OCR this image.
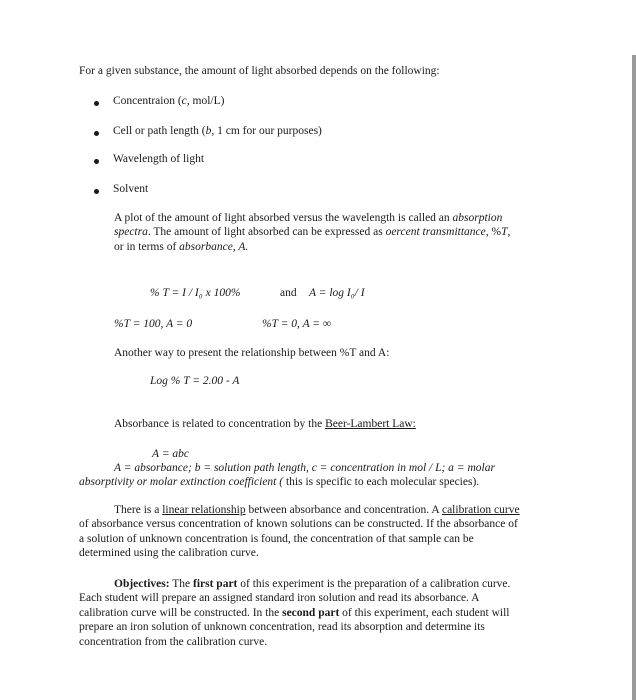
For a given substance, the amount of light absorbed depends on the following:
Concentraion (c, mol/L)
Cell or path length (b, 1 cm for our purposes)
Wavelength of light
Solvent
A plot of the amount of light absorbed versus the wavelength is called an absorption
spectra. The amount of light absorbed can be expressed as oercent transmittance, %T,
or in terms of absorbance, A.
% T = I / I₀ x 100%	and A = log I₀/ I
%T = 100, A = 0	%T = 0, A = ∞
Another way to present the relationship between %T and A:
Log % T = 2.00 - A
Absorbance is related to concentration by the Beer-Lambert Law:
A = abc
A = absorbance; b = solution path length, c = concentration in mol / L; a = molar
absorptivity or molar extinction coefficient ( this is specific to each molecular species).
There is a linear relationship between absorbance and concentration. A calibration curve
of absorbance versus concentration of known solutions can be constructed. If the absorbance of
a solution of unknown concentration is found, the concentration of that sample can be
determined using the calibration curve.
Objectives: The first part of this experiment is the preparation of a calibration curve.
Each student will prepare an assigned standard iron solution and read its absorbance. A
calibration curve will be constructed. In the second part of this experiment, each student will
prepare an iron solution of unknown concentration, read its absorption and determine its
concentration from the calibration curve.
